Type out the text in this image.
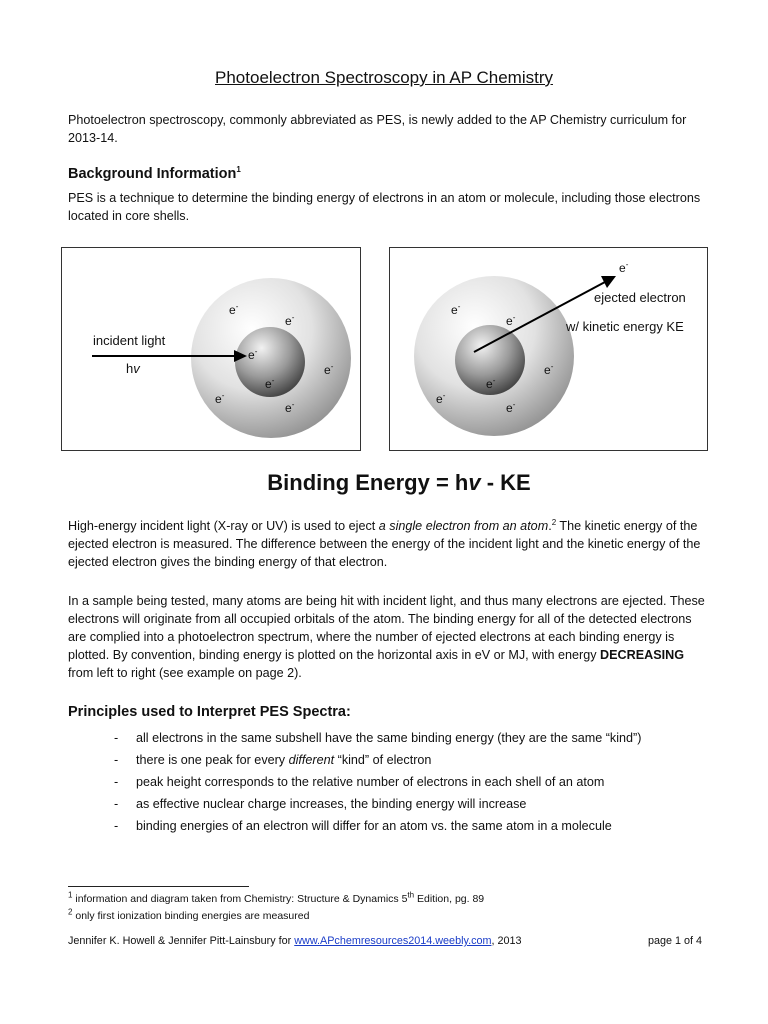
Photoelectron Spectroscopy in AP Chemistry
Photoelectron spectroscopy, commonly abbreviated as PES, is newly added to the AP Chemistry curriculum for 2013-14.
Background Information$^1$
PES is a technique to determine the binding energy of electrons in an atom or molecule, including those electrons located in core shells.
e-
e-
e-
e-
e-
e-
e-
incident light
hv
e-
e-
e-
e-
e-
e-
e-
ejected electron
w/ kinetic energy KE
Binding Energy = hv - KE
High-energy incident light (X-ray or UV) is used to eject a single electron from an atom.$^2$ The kinetic energy of the ejected electron is measured. The difference between the energy of the incident light and the kinetic energy of the ejected electron gives the binding energy of that electron.
In a sample being tested, many atoms are being hit with incident light, and thus many electrons are ejected. These electrons will originate from all occupied orbitals of the atom. The binding energy for all of the detected electrons are complied into a photoelectron spectrum, where the number of ejected electrons at each binding energy is plotted. By convention, binding energy is plotted on the horizontal axis in eV or MJ, with energy DECREASING from left to right (see example on page 2).
Principles used to Interpret PES Spectra:
- all electrons in the same subshell have the same binding energy (they are the same “kind”)
- there is one peak for every different “kind” of electron
- peak height corresponds to the relative number of electrons in each shell of an atom
- as effective nuclear charge increases, the binding energy will increase
- binding energies of an electron will differ for an atom vs. the same atom in a molecule
$^1$ information and diagram taken from Chemistry: Structure & Dynamics 5th Edition, pg. 89
$^2$ only first ionization binding energies are measured
Jennifer K. Howell & Jennifer Pitt-Lainsbury for www.APchemresources2014.weebly.com, 2013	page 1 of 4
